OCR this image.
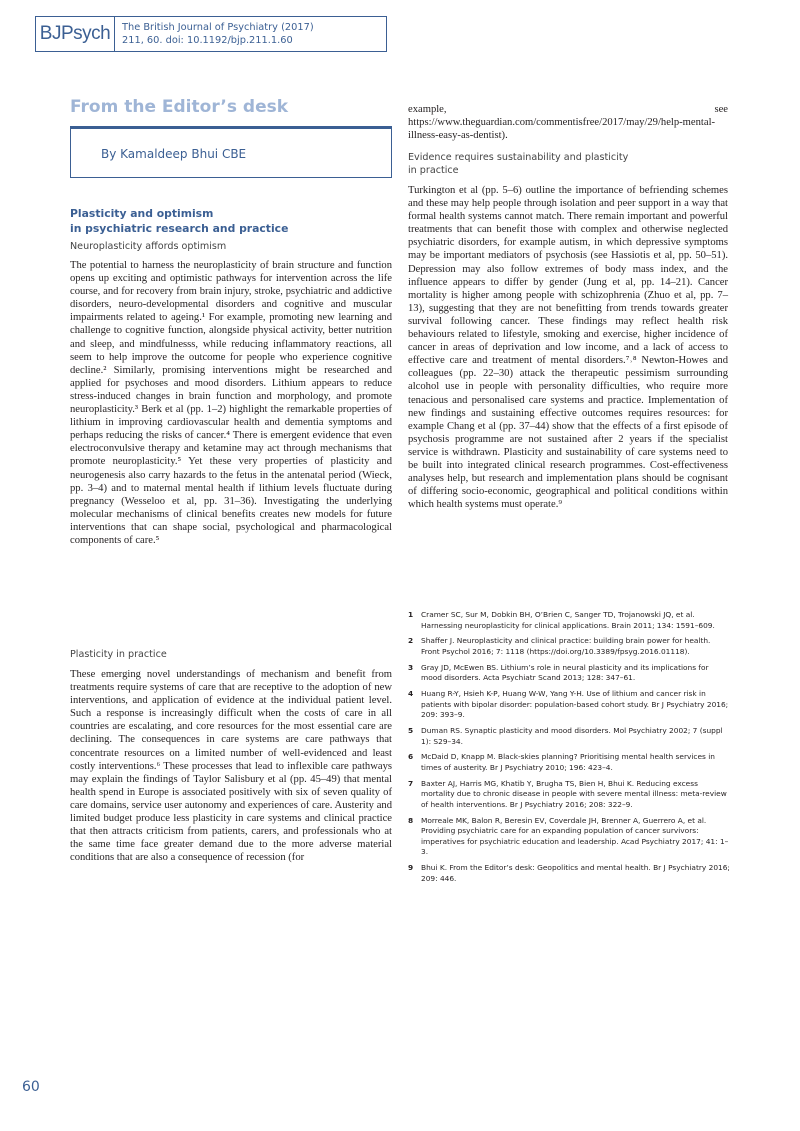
BJPsych	The British Journal of Psychiatry (2017)
211, 60. doi: 10.1192/bjp.211.1.60
From the Editor’s desk
By Kamaldeep Bhui CBE
Plasticity and optimism
in psychiatric research and practice
Neuroplasticity affords optimism

The potential to harness the neuroplasticity of brain structure and function opens up exciting and optimistic pathways for intervention across the life course, and for recovery from brain injury, stroke, psychiatric and addictive disorders, neuro-developmental disorders and cognitive and muscular impairments related to ageing.¹ For example, promoting new learning and challenge to cognitive function, alongside physical activity, better nutrition and sleep, and mindfulnesss, while reducing inflammatory reactions, all seem to help improve the outcome for people who experience cognitive decline.² Similarly, promising interventions might be researched and applied for psychoses and mood disorders. Lithium appears to reduce stress-induced changes in brain function and morphology, and promote neuroplasticity.³ Berk et al (pp. 1–2) highlight the remarkable properties of lithium in improving cardiovascular health and dementia symptoms and perhaps reducing the risks of cancer.⁴ There is emergent evidence that even electroconvulsive therapy and ketamine may act through mechanisms that promote neuroplasticity.⁵ Yet these very properties of plasticity and neurogenesis also carry hazards to the fetus in the antenatal period (Wieck, pp. 3–4) and to maternal mental health if lithium levels fluctuate during pregnancy (Wesseloo et al, pp. 31–36). Investigating the underlying molecular mechanisms of clinical benefits creates new models for future interventions that can shape social, psychological and pharmacological components of care.⁵

Plasticity in practice

These emerging novel understandings of mechanism and benefit from treatments require systems of care that are receptive to the adoption of new interventions, and application of evidence at the individual patient level. Such a response is increasingly difficult when the costs of care in all countries are escalating, and core resources for the most essential care are declining. The consequences in care systems are care pathways that concentrate resources on a limited number of well-evidenced and least costly interventions.⁶ These processes that lead to inflexible care pathways may explain the findings of Taylor Salisbury et al (pp. 45–49) that mental health spend in Europe is associated positively with six of seven quality of care domains, service user autonomy and experiences of care. Austerity and limited budget produce less plasticity in care systems and clinical practice that then attracts criticism from patients, carers, and professionals who at the same time face greater demand due to the more adverse material conditions that are also a consequence of recession (for

example, see https://www.theguardian.com/commentisfree/2017/may/29/help-mental-illness-easy-as-dentist).

Evidence requires sustainability and plasticity
in practice

Turkington et al (pp. 5–6) outline the importance of befriending schemes and these may help people through isolation and peer support in a way that formal health systems cannot match. There remain important and powerful treatments that can benefit those with complex and otherwise neglected psychiatric disorders, for example autism, in which depressive symptoms may be important mediators of psychosis (see Hassiotis et al, pp. 50–51). Depression may also follow extremes of body mass index, and the influence appears to differ by gender (Jung et al, pp. 14–21). Cancer mortality is higher among people with schizophrenia (Zhuo et al, pp. 7–13), suggesting that they are not benefitting from trends towards greater survival following cancer. These findings may reflect health risk behaviours related to lifestyle, smoking and exercise, higher incidence of cancer in areas of deprivation and low income, and a lack of access to effective care and treatment of mental disorders.⁷˒⁸ Newton-Howes and colleagues (pp. 22–30) attack the therapeutic pessimism surrounding alcohol use in people with personality difficulties, who require more tenacious and personalised care systems and practice. Implementation of new findings and sustaining effective outcomes requires resources: for example Chang et al (pp. 37–44) show that the effects of a first episode of psychosis programme are not sustained after 2 years if the specialist service is withdrawn. Plasticity and sustainability of care systems need to be built into integrated clinical research programmes. Cost-effectiveness analyses help, but research and implementation plans should be cognisant of differing socio-economic, geographical and political conditions within which health systems must operate.⁹

1	Cramer SC, Sur M, Dobkin BH, O’Brien C, Sanger TD, Trojanowski JQ, et al. Harnessing neuroplasticity for clinical applications. Brain 2011; 134: 1591–609.
2	Shaffer J. Neuroplasticity and clinical practice: building brain power for health. Front Psychol 2016; 7: 1118 (https://doi.org/10.3389/fpsyg.2016.01118).
3	Gray JD, McEwen BS. Lithium’s role in neural plasticity and its implications for mood disorders. Acta Psychiatr Scand 2013; 128: 347–61.
4	Huang R-Y, Hsieh K-P, Huang W-W, Yang Y-H. Use of lithium and cancer risk in patients with bipolar disorder: population-based cohort study. Br J Psychiatry 2016; 209: 393–9.
5	Duman RS. Synaptic plasticity and mood disorders. Mol Psychiatry 2002; 7 (suppl 1): S29–34.
6	McDaid D, Knapp M. Black-skies planning? Prioritising mental health services in times of austerity. Br J Psychiatry 2010; 196: 423–4.
7	Baxter AJ, Harris MG, Khatib Y, Brugha TS, Bien H, Bhui K. Reducing excess mortality due to chronic disease in people with severe mental illness: meta-review of health interventions. Br J Psychiatry 2016; 208: 322–9.
8	Morreale MK, Balon R, Beresin EV, Coverdale JH, Brenner A, Guerrero A, et al. Providing psychiatric care for an expanding population of cancer survivors: imperatives for psychiatric education and leadership. Acad Psychiatry 2017; 41: 1–3.
9	Bhui K. From the Editor’s desk: Geopolitics and mental health. Br J Psychiatry 2016; 209: 446.
60
